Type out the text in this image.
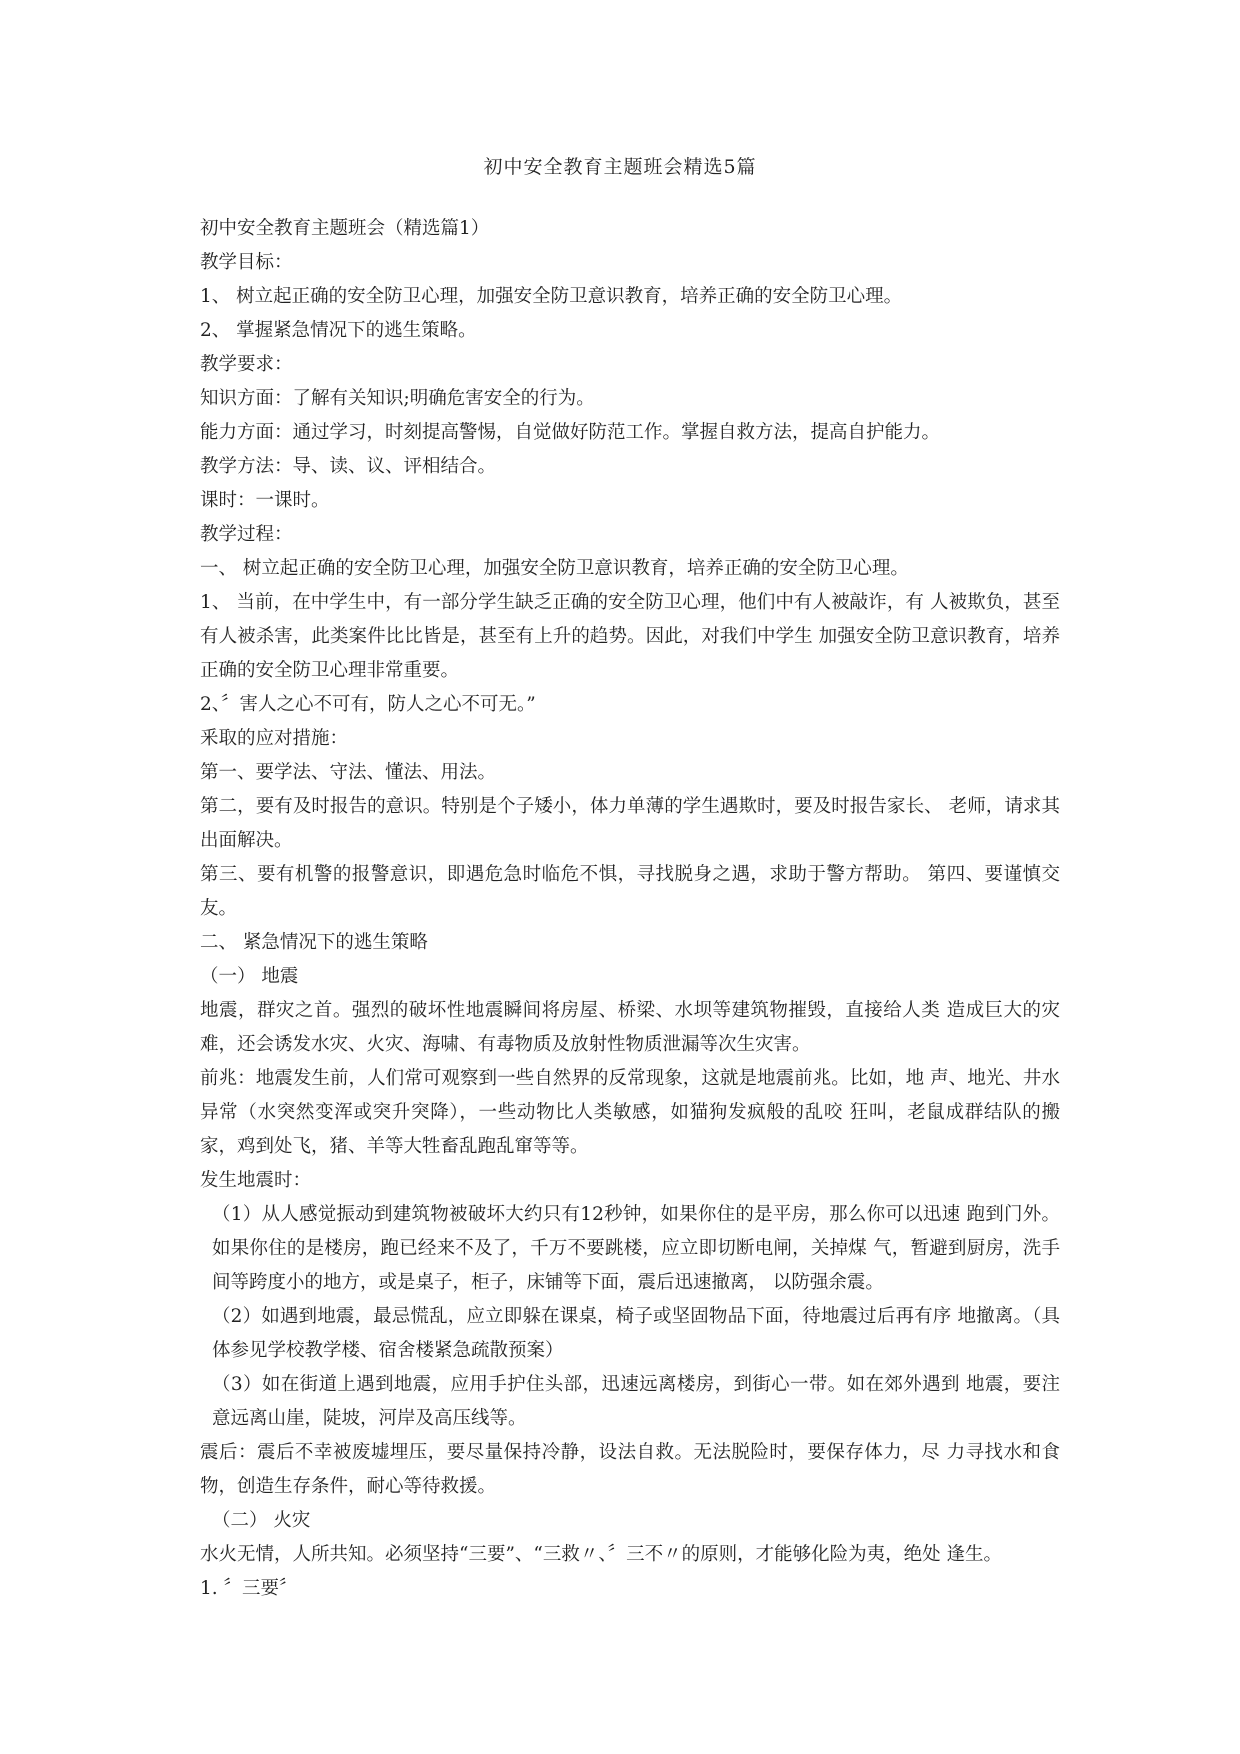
初中安全教育主题班会精选5篇

初中安全教育主题班会（精选篇1）

教学目标：

1、 树立起正确的安全防卫心理，加强安全防卫意识教育，培养正确的安全防卫心理。

2、 掌握紧急情况下的逃生策略。

教学要求：

知识方面：了解有关知识;明确危害安全的行为。

能力方面：通过学习，时刻提高警惕，自觉做好防范工作。掌握自救方法，提高自护能力。

教学方法：导、读、议、评相结合。

课时：一课时。

教学过程：

一、 树立起正确的安全防卫心理，加强安全防卫意识教育，培养正确的安全防卫心理。

1、 当前，在中学生中，有一部分学生缺乏正确的安全防卫心理，他们中有人被敲诈，有 人被欺负，甚至有人被杀害，此类案件比比皆是，甚至有上升的趋势。因此，对我们中学生 加强安全防卫意识教育，培养正确的安全防卫心理非常重要。

2、〞害人之心不可有，防人之心不可无。”

釆取的应对措施：

第一、要学法、守法、懂法、用法。

第二，要有及时报告的意识。特别是个子矮小，体力单薄的学生遇欺时，要及时报告家长、 老师，请求其出面解决。

第三、要有机警的报警意识，即遇危急时临危不惧，寻找脱身之遇，求助于警方帮助。 第四、要谨慎交友。

二、 紧急情况下的逃生策略

（一） 地震

地震，群灾之首。强烈的破坏性地震瞬间将房屋、桥梁、水坝等建筑物摧毁，直接给人类 造成巨大的灾难，还会诱发水灾、火灾、海啸、有毒物质及放射性物质泄漏等次生灾害。

前兆：地震发生前，人们常可观察到一些自然界的反常现象，这就是地震前兆。比如，地 声、地光、井水异常（水突然变浑或突升突降），一些动物比人类敏感，如猫狗发疯般的乱咬 狂叫，老鼠成群结队的搬家，鸡到处飞，猪、羊等大牲畜乱跑乱窜等等。

发生地震时：

（1）从人感觉振动到建筑物被破坏大约只有12秒钟，如果你住的是平房，那么你可以迅速 跑到门外。如果你住的是楼房，跑已经来不及了，千万不要跳楼，应立即切断电闸，关掉煤 气，暂避到厨房，洗手间等跨度小的地方，或是桌子，柜子，床铺等下面，震后迅速撤离， 以防强余震。

（2）如遇到地震，最忌慌乱，应立即躲在课桌，椅子或坚固物品下面，待地震过后再有序 地撤离。（具体参见学校教学楼、宿舍楼紧急疏散预案）

（3）如在街道上遇到地震，应用手护住头部，迅速远离楼房，到街心一带。如在郊外遇到 地震，要注意远离山崖，陡坡，河岸及高压线等。

震后：震后不幸被废墟埋压，要尽量保持冷静，设法自救。无法脱险时，要保存体力，尽 力寻找水和食物，创造生存条件，耐心等待救援。

（二） 火灾

水火无情，人所共知。必须坚持“三要”、“三救〃、〞三不〃的原则，才能够化险为夷，绝处 逢生。

1. 〞三要〞
